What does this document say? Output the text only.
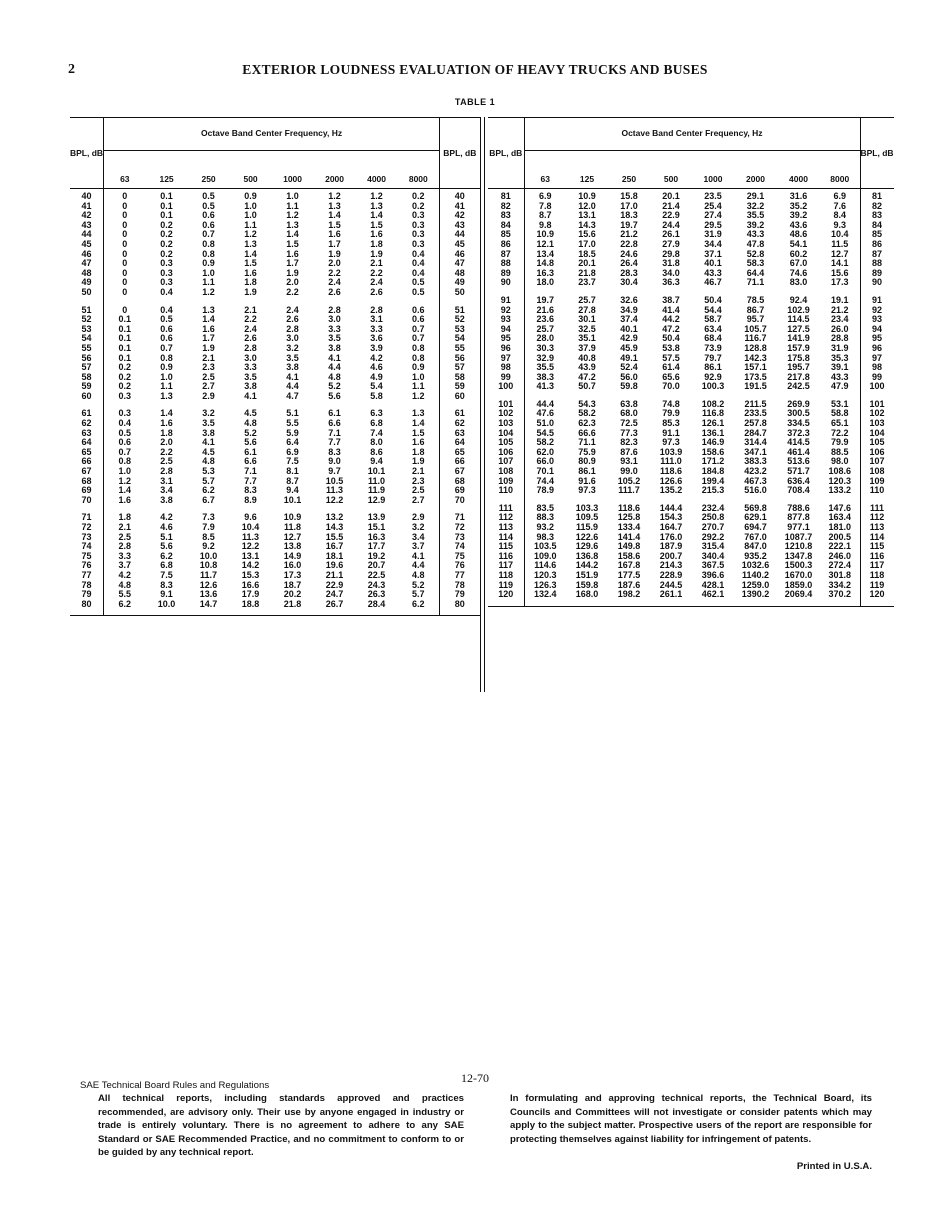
2	EXTERIOR LOUDNESS EVALUATION OF HEAVY TRUCKS AND BUSES
TABLE 1
BPL, dB	Octave Band Center Frequency, Hz								BPL, dB
	63	125	250	500	1000	2000	4000	8000	
40	0	0.1	0.5	0.9	1.0	1.2	1.2	0.2	40
41	0	0.1	0.5	1.0	1.1	1.3	1.3	0.2	41
42	0	0.1	0.6	1.0	1.2	1.4	1.4	0.3	42
43	0	0.2	0.6	1.1	1.3	1.5	1.5	0.3	43
44	0	0.2	0.7	1.2	1.4	1.6	1.6	0.3	44
45	0	0.2	0.8	1.3	1.5	1.7	1.8	0.3	45
46	0	0.2	0.8	1.4	1.6	1.9	1.9	0.4	46
47	0	0.3	0.9	1.5	1.7	2.0	2.1	0.4	47
48	0	0.3	1.0	1.6	1.9	2.2	2.2	0.4	48
49	0	0.3	1.1	1.8	2.0	2.4	2.4	0.5	49
50	0	0.4	1.2	1.9	2.2	2.6	2.6	0.5	50

51	0	0.4	1.3	2.1	2.4	2.8	2.8	0.6	51
52	0.1	0.5	1.4	2.2	2.6	3.0	3.1	0.6	52
53	0.1	0.6	1.6	2.4	2.8	3.3	3.3	0.7	53
54	0.1	0.6	1.7	2.6	3.0	3.5	3.6	0.7	54
55	0.1	0.7	1.9	2.8	3.2	3.8	3.9	0.8	55
56	0.1	0.8	2.1	3.0	3.5	4.1	4.2	0.8	56
57	0.2	0.9	2.3	3.3	3.8	4.4	4.6	0.9	57
58	0.2	1.0	2.5	3.5	4.1	4.8	4.9	1.0	58
59	0.2	1.1	2.7	3.8	4.4	5.2	5.4	1.1	59
60	0.3	1.3	2.9	4.1	4.7	5.6	5.8	1.2	60

61	0.3	1.4	3.2	4.5	5.1	6.1	6.3	1.3	61
62	0.4	1.6	3.5	4.8	5.5	6.6	6.8	1.4	62
63	0.5	1.8	3.8	5.2	5.9	7.1	7.4	1.5	63
64	0.6	2.0	4.1	5.6	6.4	7.7	8.0	1.6	64
65	0.7	2.2	4.5	6.1	6.9	8.3	8.6	1.8	65
66	0.8	2.5	4.8	6.6	7.5	9.0	9.4	1.9	66
67	1.0	2.8	5.3	7.1	8.1	9.7	10.1	2.1	67
68	1.2	3.1	5.7	7.7	8.7	10.5	11.0	2.3	68
69	1.4	3.4	6.2	8.3	9.4	11.3	11.9	2.5	69
70	1.6	3.8	6.7	8.9	10.1	12.2	12.9	2.7	70

71	1.8	4.2	7.3	9.6	10.9	13.2	13.9	2.9	71
72	2.1	4.6	7.9	10.4	11.8	14.3	15.1	3.2	72
73	2.5	5.1	8.5	11.3	12.7	15.5	16.3	3.4	73
74	2.8	5.6	9.2	12.2	13.8	16.7	17.7	3.7	74
75	3.3	6.2	10.0	13.1	14.9	18.1	19.2	4.1	75
76	3.7	6.8	10.8	14.2	16.0	19.6	20.7	4.4	76
77	4.2	7.5	11.7	15.3	17.3	21.1	22.5	4.8	77
78	4.8	8.3	12.6	16.6	18.7	22.9	24.3	5.2	78
79	5.5	9.1	13.6	17.9	20.2	24.7	26.3	5.7	79
80	6.2	10.0	14.7	18.8	21.8	26.7	28.4	6.2	80
BPL, dB	Octave Band Center Frequency, Hz								BPL, dB
	63	125	250	500	1000	2000	4000	8000	
81	6.9	10.9	15.8	20.1	23.5	29.1	31.6	6.9	81
82	7.8	12.0	17.0	21.4	25.4	32.2	35.2	7.6	82
83	8.7	13.1	18.3	22.9	27.4	35.5	39.2	8.4	83
84	9.8	14.3	19.7	24.4	29.5	39.2	43.6	9.3	84
85	10.9	15.6	21.2	26.1	31.9	43.3	48.6	10.4	85
86	12.1	17.0	22.8	27.9	34.4	47.8	54.1	11.5	86
87	13.4	18.5	24.6	29.8	37.1	52.8	60.2	12.7	87
88	14.8	20.1	26.4	31.8	40.1	58.3	67.0	14.1	88
89	16.3	21.8	28.3	34.0	43.3	64.4	74.6	15.6	89
90	18.0	23.7	30.4	36.3	46.7	71.1	83.0	17.3	90

91	19.7	25.7	32.6	38.7	50.4	78.5	92.4	19.1	91
92	21.6	27.8	34.9	41.4	54.4	86.7	102.9	21.2	92
93	23.6	30.1	37.4	44.2	58.7	95.7	114.5	23.4	93
94	25.7	32.5	40.1	47.2	63.4	105.7	127.5	26.0	94
95	28.0	35.1	42.9	50.4	68.4	116.7	141.9	28.8	95
96	30.3	37.9	45.9	53.8	73.9	128.8	157.9	31.9	96
97	32.9	40.8	49.1	57.5	79.7	142.3	175.8	35.3	97
98	35.5	43.9	52.4	61.4	86.1	157.1	195.7	39.1	98
99	38.3	47.2	56.0	65.6	92.9	173.5	217.8	43.3	99
100	41.3	50.7	59.8	70.0	100.3	191.5	242.5	47.9	100

101	44.4	54.3	63.8	74.8	108.2	211.5	269.9	53.1	101
102	47.6	58.2	68.0	79.9	116.8	233.5	300.5	58.8	102
103	51.0	62.3	72.5	85.3	126.1	257.8	334.5	65.1	103
104	54.5	66.6	77.3	91.1	136.1	284.7	372.3	72.2	104
105	58.2	71.1	82.3	97.3	146.9	314.4	414.5	79.9	105
106	62.0	75.9	87.6	103.9	158.6	347.1	461.4	88.5	106
107	66.0	80.9	93.1	111.0	171.2	383.3	513.6	98.0	107
108	70.1	86.1	99.0	118.6	184.8	423.2	571.7	108.6	108
109	74.4	91.6	105.2	126.6	199.4	467.3	636.4	120.3	109
110	78.9	97.3	111.7	135.2	215.3	516.0	708.4	133.2	110

111	83.5	103.3	118.6	144.4	232.4	569.8	788.6	147.6	111
112	88.3	109.5	125.8	154.3	250.8	629.1	877.8	163.4	112
113	93.2	115.9	133.4	164.7	270.7	694.7	977.1	181.0	113
114	98.3	122.6	141.4	176.0	292.2	767.0	1087.7	200.5	114
115	103.5	129.6	149.8	187.9	315.4	847.0	1210.8	222.1	115
116	109.0	136.8	158.6	200.7	340.4	935.2	1347.8	246.0	116
117	114.6	144.2	167.8	214.3	367.5	1032.6	1500.3	272.4	117
118	120.3	151.9	177.5	228.9	396.6	1140.2	1670.0	301.8	118
119	126.3	159.8	187.6	244.5	428.1	1259.0	1859.0	334.2	119
120	132.4	168.0	198.2	261.1	462.1	1390.2	2069.4	370.2	120
12-70
SAE Technical Board Rules and Regulations
All technical reports, including standards approved and practices recommended, are advisory only. Their use by anyone engaged in industry or trade is entirely voluntary. There is no agreement to adhere to any SAE Standard or SAE Recommended Practice, and no commitment to conform to or be guided by any technical report.
In formulating and approving technical reports, the Technical Board, its Councils and Committees will not investigate or consider patents which may apply to the subject matter. Prospective users of the report are responsible for protecting themselves against liability for infringement of patents.
Printed in U.S.A.
